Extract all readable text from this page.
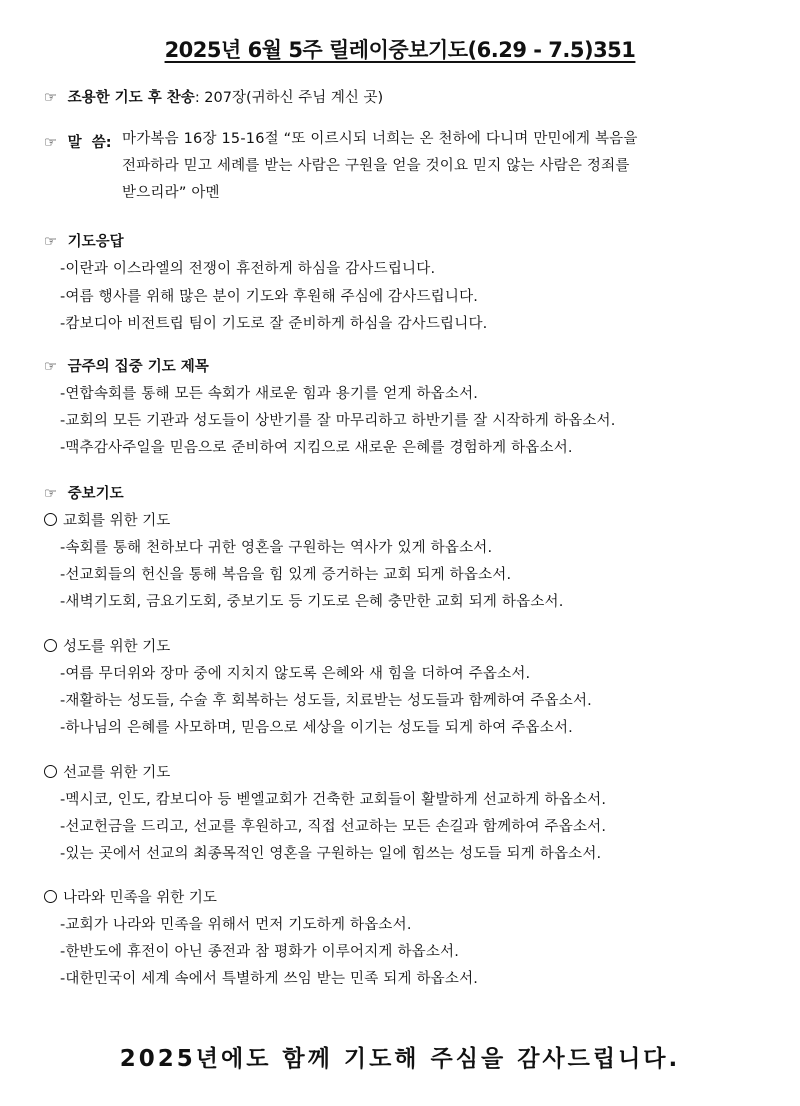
2025년 6월 5주 릴레이중보기도(6.29 - 7.5)351
☞ 조용한 기도 후 찬송: 207장(귀하신 주님 계신 곳)
☞ 말  씀: 마가복음 16장 15-16절 “또 이르시되 너희는 온 천하에 다니며 만민에게 복음을
전파하라 믿고 세례를 받는 사람은 구원을 얻을 것이요 믿지 않는 사람은 정죄를
받으리라” 아멘
☞ 기도응답
-이란과 이스라엘의 전쟁이 휴전하게 하심을 감사드립니다.
-여름 행사를 위해 많은 분이 기도와 후원해 주심에 감사드립니다.
-캄보디아 비전트립 팀이 기도로 잘 준비하게 하심을 감사드립니다.
☞ 금주의 집중 기도 제목
-연합속회를 통해 모든 속회가 새로운 힘과 용기를 얻게 하옵소서.
-교회의 모든 기관과 성도들이 상반기를 잘 마무리하고 하반기를 잘 시작하게 하옵소서.
-맥추감사주일을 믿음으로 준비하여 지킴으로 새로운 은혜를 경험하게 하옵소서.
☞ 중보기도
교회를 위한 기도
-속회를 통해 천하보다 귀한 영혼을 구원하는 역사가 있게 하옵소서.
-선교회들의 헌신을 통해 복음을 힘 있게 증거하는 교회 되게 하옵소서.
-새벽기도회, 금요기도회, 중보기도 등 기도로 은혜 충만한 교회 되게 하옵소서.
성도를 위한 기도
-여름 무더위와 장마 중에 지치지 않도록 은혜와 새 힘을 더하여 주옵소서.
-재활하는 성도들, 수술 후 회복하는 성도들, 치료받는 성도들과 함께하여 주옵소서.
-하나님의 은혜를 사모하며, 믿음으로 세상을 이기는 성도들 되게 하여 주옵소서.
선교를 위한 기도
-멕시코, 인도, 캄보디아 등 벧엘교회가 건축한 교회들이 활발하게 선교하게 하옵소서.
-선교헌금을 드리고, 선교를 후원하고, 직접 선교하는 모든 손길과 함께하여 주옵소서.
-있는 곳에서 선교의 최종목적인 영혼을 구원하는 일에 힘쓰는 성도들 되게 하옵소서.
나라와 민족을 위한 기도
-교회가 나라와 민족을 위해서 먼저 기도하게 하옵소서.
-한반도에 휴전이 아닌 종전과 참 평화가 이루어지게 하옵소서.
-대한민국이 세계 속에서 특별하게 쓰임 받는 민족 되게 하옵소서.
2025년에도 함께 기도해 주심을 감사드립니다.
